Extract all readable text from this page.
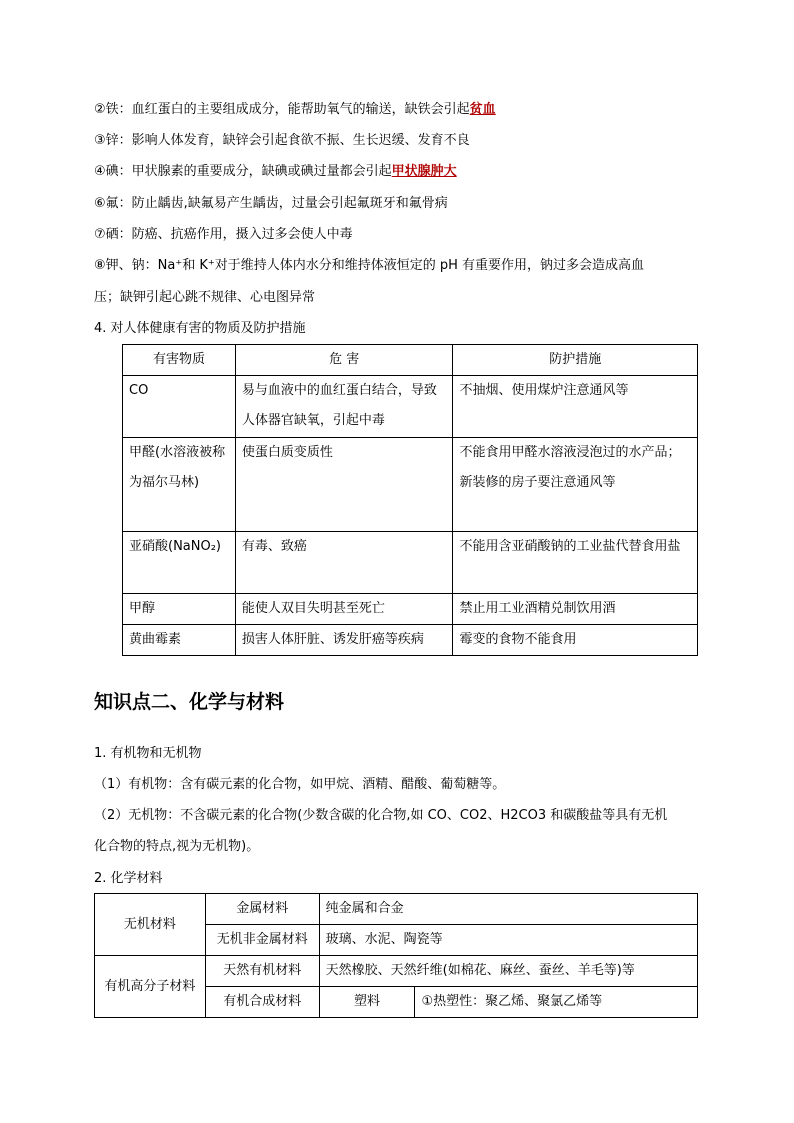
②铁：血红蛋白的主要组成成分，能帮助氧气的输送，缺铁会引起贫血
③锌：影响人体发育，缺锌会引起食欲不振、生长迟缓、发育不良
④碘：甲状腺素的重要成分，缺碘或碘过量都会引起甲状腺肿大
⑥氟：防止龋齿,缺氟易产生龋齿，过量会引起氟斑牙和氟骨病
⑦硒：防癌、抗癌作用，摄入过多会使人中毒
⑧钾、钠：Na⁺和 K⁺对于维持人体内水分和维持体液恒定的 pH 有重要作用，钠过多会造成高血
压；缺钾引起心跳不规律、心电图异常
4. 对人体健康有害的物质及防护措施
有害物质	危 害	防护措施
CO	易与血液中的血红蛋白结合，导致人体器官缺氧，引起中毒	不抽烟、使用煤炉注意通风等
甲醛(水溶液被称为福尔马林)	使蛋白质变质性	不能食用甲醛水溶液浸泡过的水产品；新装修的房子要注意通风等
亚硝酸(NaNO₂)	有毒、致癌	不能用含亚硝酸钠的工业盐代替食用盐
甲醇	能使人双目失明甚至死亡	禁止用工业酒精兑制饮用酒
黄曲霉素	损害人体肝脏、诱发肝癌等疾病	霉变的食物不能食用
知识点二、化学与材料
1. 有机物和无机物
（1）有机物：含有碳元素的化合物，如甲烷、酒精、醋酸、葡萄糖等。
（2）无机物：不含碳元素的化合物(少数含碳的化合物,如 CO、CO2、H2CO3 和碳酸盐等具有无机
化合物的特点,视为无机物)。
2. 化学材料
无机材料	金属材料	纯金属和合金	
	无机非金属材料	玻璃、水泥、陶瓷等	
有机高分子材料	天然有机材料	天然橡胶、天然纤维(如棉花、麻丝、蚕丝、羊毛等)等	
	有机合成材料	塑料	①热塑性：聚乙烯、聚氯乙烯等
